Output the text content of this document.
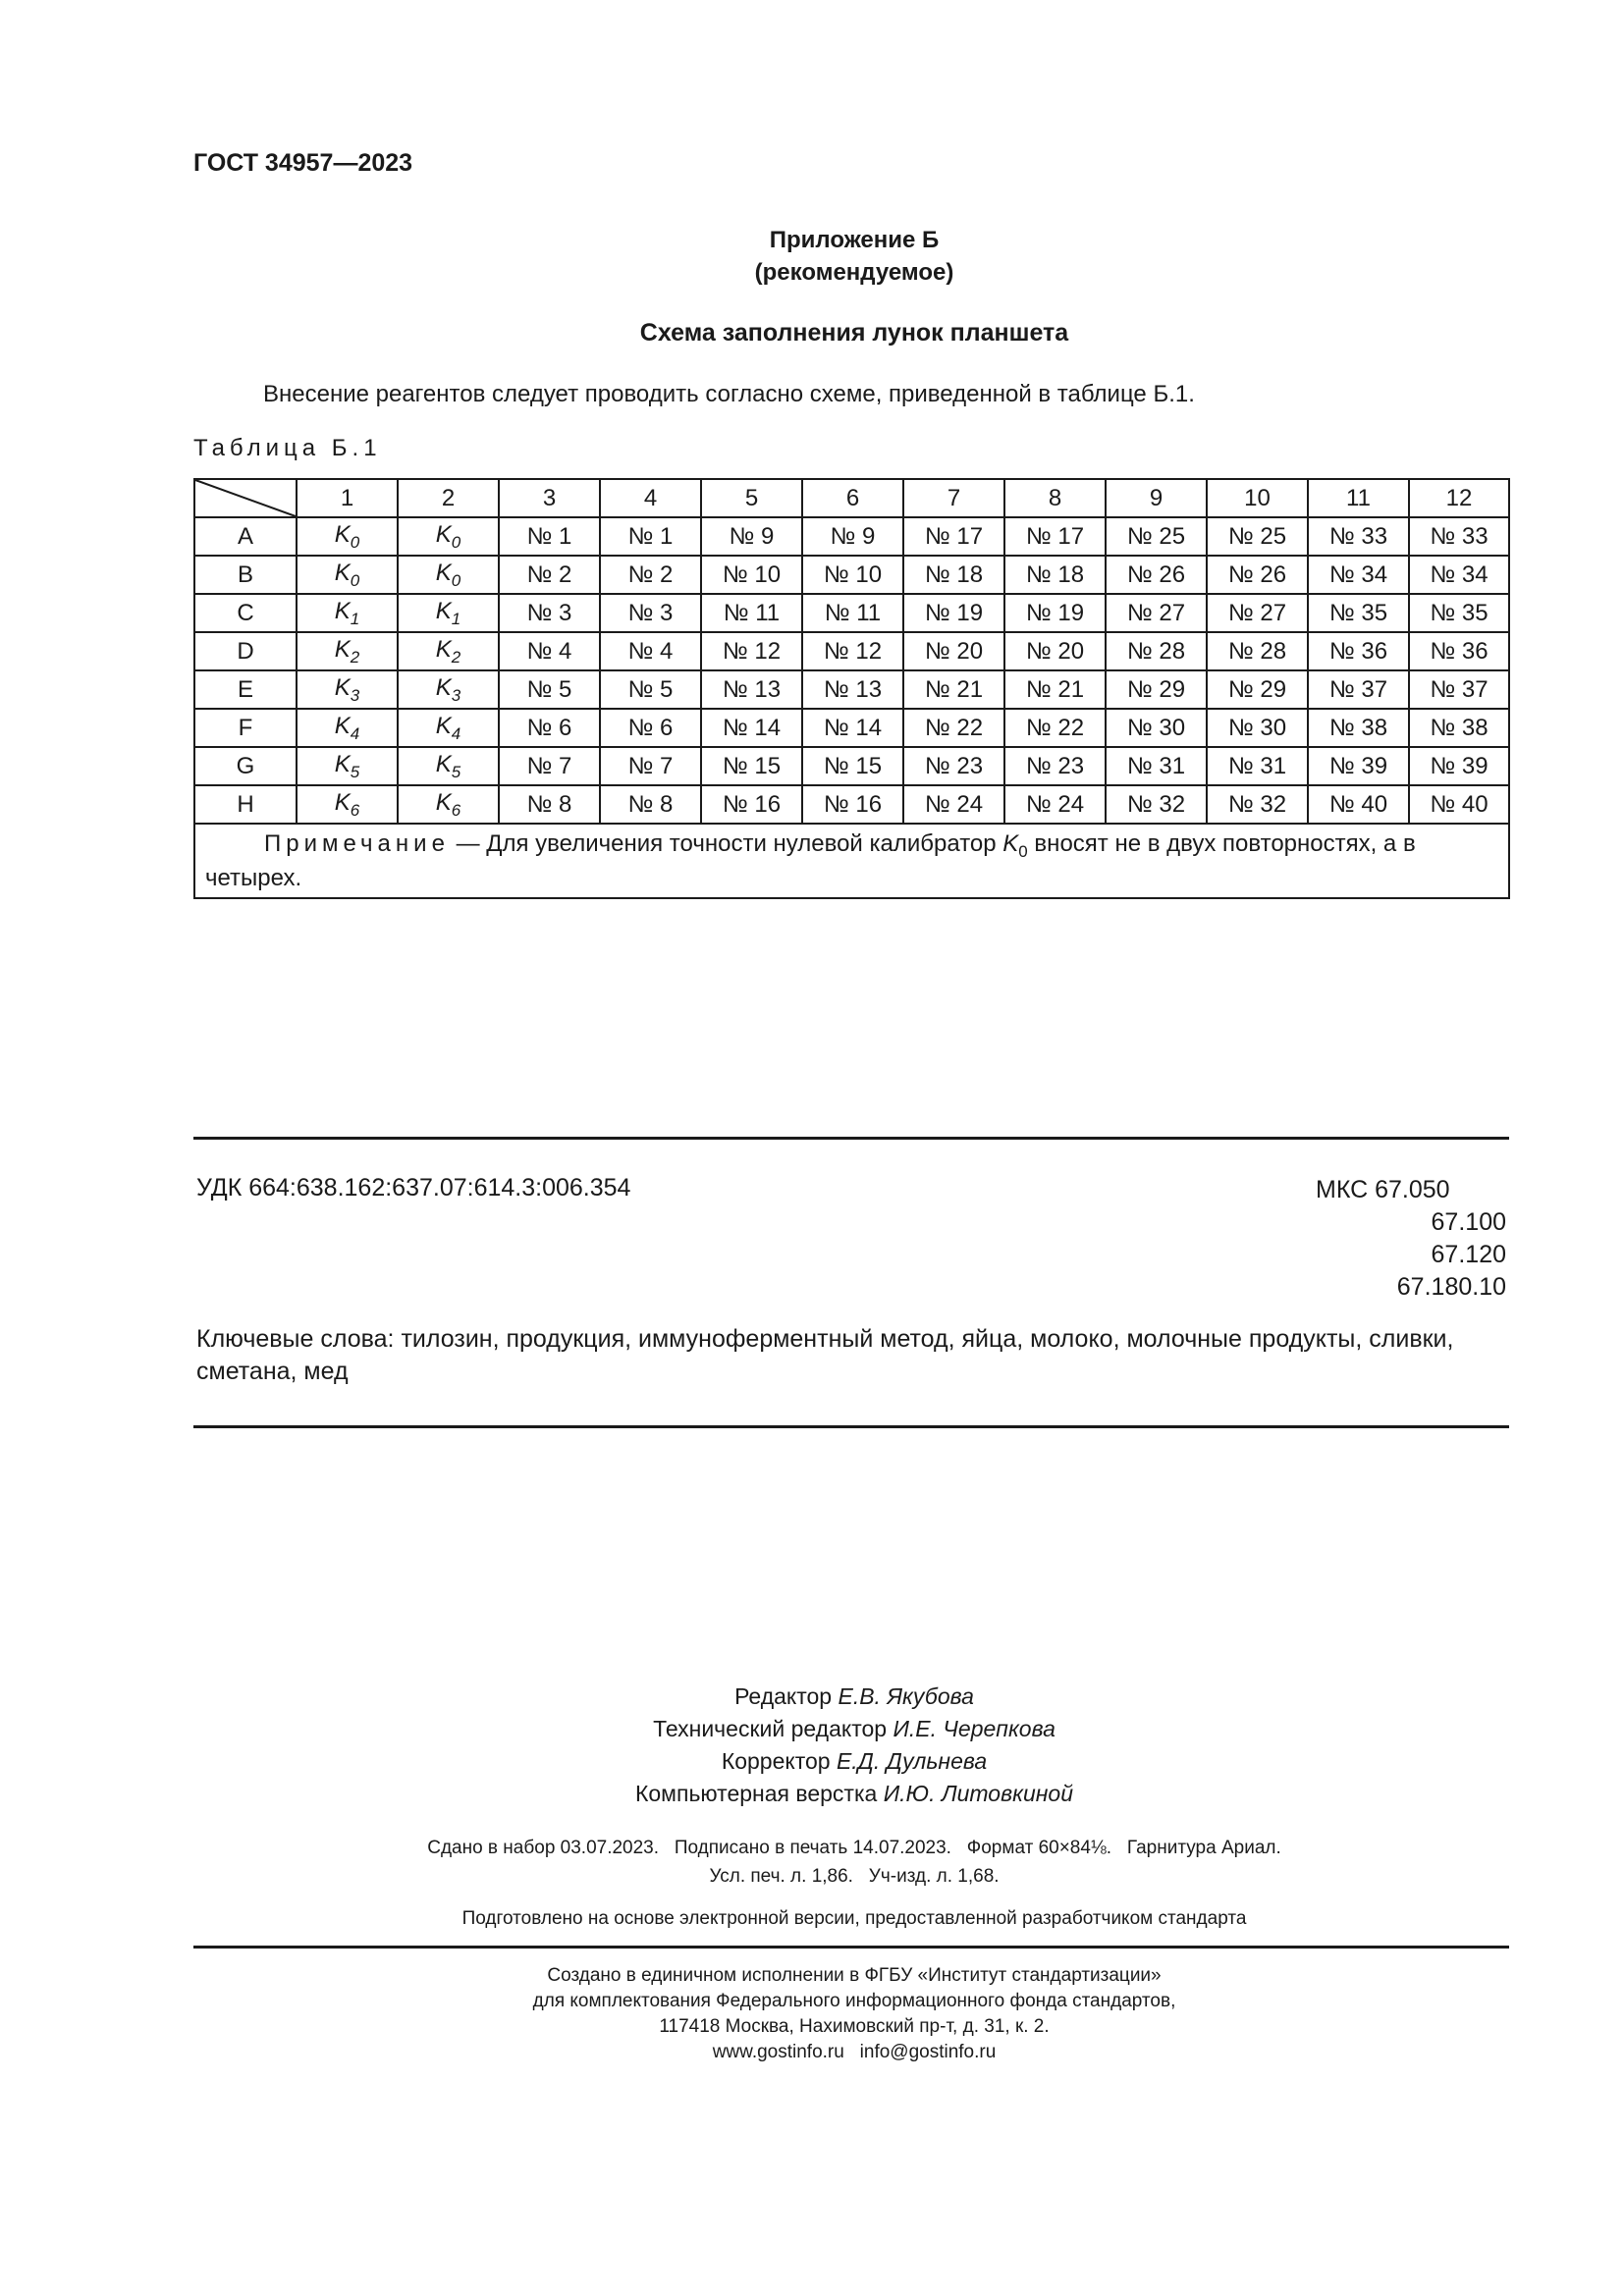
ГОСТ 34957—2023
Приложение Б
(рекомендуемое)
Схема заполнения лунок планшета
Внесение реагентов следует проводить согласно схеме, приведенной в таблице Б.1.
Таблица Б.1
	1	2	3	4	5	6	7	8	9	10	11	12
A	$K_0$	$K_0$	№ 1	№ 1	№ 9	№ 9	№ 17	№ 17	№ 25	№ 25	№ 33	№ 33
B	$K_0$	$K_0$	№ 2	№ 2	№ 10	№ 10	№ 18	№ 18	№ 26	№ 26	№ 34	№ 34
C	$K_1$	$K_1$	№ 3	№ 3	№ 11	№ 11	№ 19	№ 19	№ 27	№ 27	№ 35	№ 35
D	$K_2$	$K_2$	№ 4	№ 4	№ 12	№ 12	№ 20	№ 20	№ 28	№ 28	№ 36	№ 36
E	$K_3$	$K_3$	№ 5	№ 5	№ 13	№ 13	№ 21	№ 21	№ 29	№ 29	№ 37	№ 37
F	$K_4$	$K_4$	№ 6	№ 6	№ 14	№ 14	№ 22	№ 22	№ 30	№ 30	№ 38	№ 38
G	$K_5$	$K_5$	№ 7	№ 7	№ 15	№ 15	№ 23	№ 23	№ 31	№ 31	№ 39	№ 39
H	$K_6$	$K_6$	№ 8	№ 8	№ 16	№ 16	№ 24	№ 24	№ 32	№ 32	№ 40	№ 40
Примечание — Для увеличения точности нулевой калибратор $K_0$ вносят не в двух повторностях, а в четырех.												
УДК 664:638.162:637.07:614.3:006.354	МКС 67.050
67.100
67.120
67.180.10
Ключевые слова: тилозин, продукция, иммуноферментный метод, яйца, молоко, молочные продукты, сливки, сметана, мед
Редактор Е.В. Якубова
Технический редактор И.Е. Черепкова
Корректор Е.Д. Дульнева
Компьютерная верстка И.Ю. Литовкиной
Сдано в набор 03.07.2023.   Подписано в печать 14.07.2023.   Формат 60×84⅛.   Гарнитура Ариал.
Усл. печ. л. 1,86.   Уч-изд. л. 1,68.
Подготовлено на основе электронной версии, предоставленной разработчиком стандарта
Создано в единичном исполнении в ФГБУ «Институт стандартизации»
для комплектования Федерального информационного фонда стандартов,
117418 Москва, Нахимовский пр-т, д. 31, к. 2.
www.gostinfo.ru   info@gostinfo.ru
